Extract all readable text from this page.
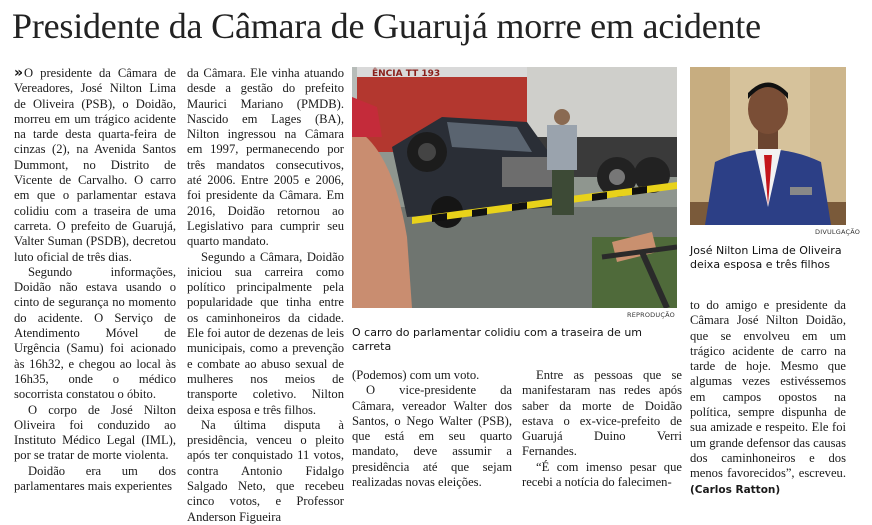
Presidente da Câmara de Guarujá morre em acidente

» O presidente da Câmara de Vereadores, José Nilton Lima de Oliveira (PSB), o Doidão, morreu em um trágico acidente na tarde desta quarta-feira de cinzas (2), na Avenida Santos Dummont, no Distrito de Vicente de Carvalho. O carro em que o parlamentar estava colidiu com a traseira de uma carreta. O prefeito de Guarujá, Valter Suman (PSDB), decretou luto oficial de três dias.

Segundo informações, Doidão não estava usando o cinto de segurança no momento do acidente. O Serviço de Atendimento Móvel de Urgência (Samu) foi acionado às 16h32, e chegou ao local às 16h35, onde o médico socorrista constatou o óbito.

O corpo de José Nilton Oliveira foi conduzido ao Instituto Médico Legal (IML), por se tratar de morte violenta.

Doidão era um dos parlamentares mais experientes

da Câmara. Ele vinha atuando desde a gestão do prefeito Maurici Mariano (PMDB). Nascido em Lages (BA), Nilton ingressou na Câmara em 1997, permanecendo por três mandatos consecutivos, até 2006. Entre 2005 e 2006, foi presidente da Câmara. Em 2016, Doidão retornou ao Legislativo para cumprir seu quarto mandato.

Segundo a Câmara, Doidão iniciou sua carreira como político principalmente pela popularidade que tinha entre os caminhoneiros da cidade. Ele foi autor de dezenas de leis municipais, como a prevenção e combate ao abuso sexual de mulheres nos meios de transporte coletivo. Nilton deixa esposa e três filhos.

Na última disputa à presidência, venceu o pleito após ter conquistado 11 votos, contra Antonio Fidalgo Salgado Neto, que recebeu cinco votos, e Professor Anderson Figueira

ÊNCIA TT 193
REPRODUÇÃO
O carro do parlamentar colidiu com a traseira de um carreta

(Podemos) com um voto.

O vice-presidente da Câmara, vereador Walter dos Santos, o Nego Walter (PSB), que está em seu quarto mandato, deve assumir a presidência até que sejam realizadas novas eleições.

Entre as pessoas que se manifestaram nas redes após saber da morte de Doidão estava o ex-vice-prefeito de Guarujá Duino Verri Fernandes.

“É com imenso pesar que recebi a notícia do falecimen-

DIVULGAÇÃO
José Nilton Lima de Oliveira deixa esposa e três filhos

to do amigo e presidente da Câmara José Nilton Doidão, que se envolveu em um trágico acidente de carro na tarde de hoje. Mesmo que algumas vezes estivéssemos em campos opostos na política, sempre dispunha de sua amizade e respeito. Ele foi um grande defensor das causas dos caminhoneiros e dos menos favorecidos”, escreveu. (Carlos Ratton)
